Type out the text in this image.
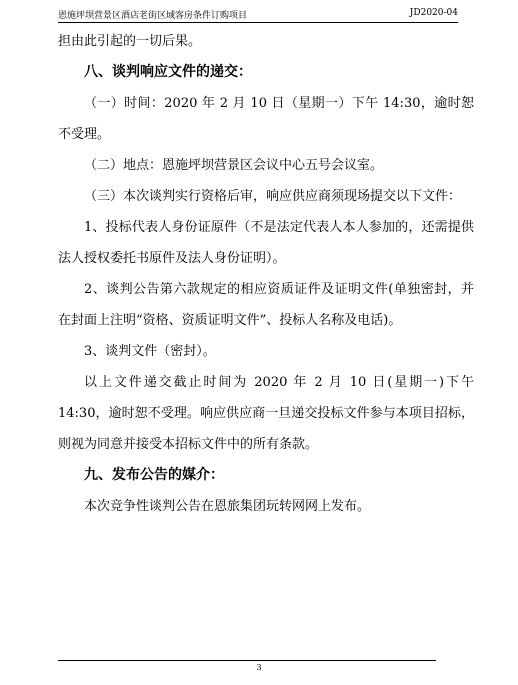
恩施坪坝营景区酒店老街区域客房条件订购项目	JD2020-04

担由此引起的一切后果。

八、谈判响应文件的递交：

（一）时间：2020 年 2 月 10 日（星期一）下午 14:30，逾时恕不受理。

（二）地点：恩施坪坝营景区会议中心五号会议室。

（三）本次谈判实行资格后审，响应供应商须现场提交以下文件：

1、投标代表人身份证原件（不是法定代表人本人参加的，还需提供法人授权委托书原件及法人身份证明）。

2、谈判公告第六款规定的相应资质证件及证明文件(单独密封，并在封面上注明“资格、资质证明文件”、投标人名称及电话)。

3、谈判文件（密封）。

以上文件递交截止时间为 2020 年 2 月 10 日(星期一)下午 14:30，逾时恕不受理。响应供应商一旦递交投标文件参与本项目招标，则视为同意并接受本招标文件中的所有条款。

九、发布公告的媒介：

本次竞争性谈判公告在恩旅集团玩转网网上发布。

3
